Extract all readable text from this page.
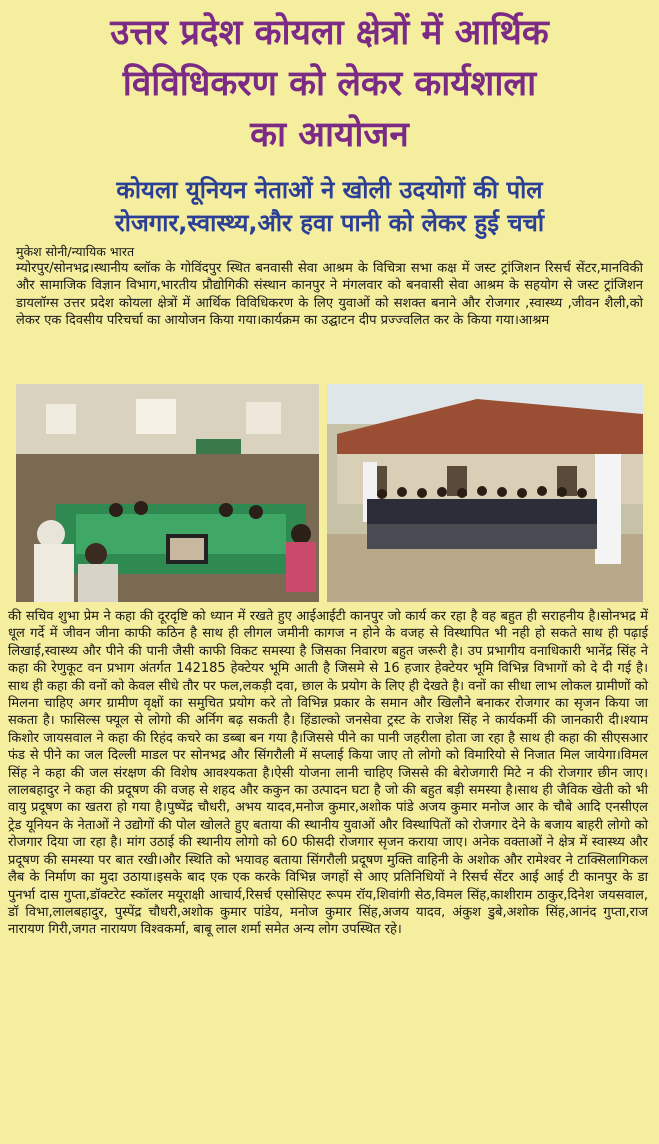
उत्तर प्रदेश कोयला क्षेत्रों में आर्थिक
विविधिकरण को लेकर कार्यशाला
का आयोजन
कोयला यूनियन नेताओं ने खोली उदयोगों की पोल
रोजगार,स्वास्थ्य,और हवा पानी को लेकर हुई चर्चा
मुकेश सोनी/न्यायिक भारत

म्योरपुर/सोनभद्र।स्थानीय ब्लॉक के गोविंदपुर स्थित बनवासी सेवा आश्रम के विचित्रा सभा कक्ष में जस्ट ट्रांजिशन रिसर्च सेंटर,मानविकी और सामाजिक विज्ञान विभाग,भारतीय प्रौद्योगिकी संस्थान कानपुर ने मंगलवार को बनवासी सेवा आश्रम के सहयोग से जस्ट ट्रांजिशन डायलॉग्स उत्तर प्रदेश कोयला क्षेत्रों में आर्थिक विविधिकरण के लिए युवाओं को सशक्त बनाने और रोजगार ,स्वास्थ्य ,जीवन शैली,को लेकर एक दिवसीय परिचर्चा का आयोजन किया गया।कार्यक्रम का उद्घाटन दीप प्रज्ज्वलित कर के किया गया।आश्रम

की सचिव शुभा प्रेम ने कहा की दूरदृष्टि को ध्यान में रखते हुए आईआईटी कानपुर जो कार्य कर रहा है वह बहुत ही सराहनीय है।सोनभद्र में धूल गर्दे में जीवन जीना काफी कठिन है साथ ही लीगल जमीनी कागज न होने के वजह से विस्थापित भी नही हो सकते साथ ही पढ़ाई लिखाई,स्वास्थ्य और पीने की पानी जैसी काफी विकट समस्या है जिसका निवारण बहुत जरूरी है। उप प्रभागीय वनाधिकारी भानेंद्र सिंह ने कहा की रेणुकूट वन प्रभाग अंतर्गत 142185 हेक्टेयर भूमि आती है जिसमे से 16 हजार हेक्टेयर भूमि विभिन्न विभागों को दे दी गई है।साथ ही कहा की वनों को केवल सीधे तौर पर फल,लकड़ी दवा, छाल के प्रयोग के लिए ही देखते है। वनों का सीधा लाभ लोकल ग्रामीणों को मिलना चाहिए अगर ग्रामीण वृक्षों का समुचित प्रयोग करे तो विभिन्न प्रकार के समान और खिलौने बनाकर रोजगार का सृजन किया जा सकता है। फासिल्स फ्यूल से लोगो की अर्निग बढ़ सकती है। हिंडाल्को जनसेवा ट्रस्ट के राजेश सिंह ने कार्यकर्मी की जानकारी दी।श्याम किशोर जायसवाल ने कहा की रिहंद कचरे का डब्बा बन गया है।जिससे पीने का पानी जहरीला होता जा रहा है साथ ही कहा की सीएसआर फंड से पीने का जल दिल्ली माडल पर सोनभद्र और सिंगरौली में सप्लाई किया जाए तो लोगो को विमारियो से निजात मिल जायेगा।विमल सिंह ने कहा की जल संरक्षण की विशेष आवश्यकता है।ऐसी योजना लानी चाहिए जिससे की बेरोजगारी मिटे न की रोजगार छीन जाए।लालबहादुर ने कहा की प्रदूषण की वजह से शहद और ककुन का उत्पादन घटा है जो की बहुत बड़ी समस्या है।साथ ही जैविक खेती को भी वायु प्रदूषण का खतरा हो गया है।पुष्पेंद्र चौधरी, अभय यादव,मनोज कुमार,अशोक पांडे अजय कुमार मनोज आर के चौबे आदि एनसीएल ट्रेड यूनियन के नेताओं ने उद्योगों की पोल खोलते हुए बताया की स्थानीय युवाओं और विस्थापितों को रोजगार देने के बजाय बाहरी लोगो को रोजगार दिया जा रहा है। मांग उठाई की स्थानीय लोगो को 60 फीसदी रोजगार सृजन कराया जाए। अनेक वक्ताओं ने क्षेत्र में स्वास्थ्य और प्रदूषण की समस्या पर बात रखी।और स्थिति को भयावह बताया सिंगरौली प्रदूषण मुक्ति वाहिनी के अशोक और रामेश्वर ने टाक्सिलागिकल लैब के निर्माण का मुदा उठाया।इसके बाद एक एक करके विभिन्न जगहों से आए प्रतिनिधियों ने रिसर्च सेंटर आई आई टी कानपुर के डा पुनर्भा दास गुप्ता,डॉक्टरेट स्कॉलर मयूराक्षी आचार्य,रिसर्च एसोसिएट रूपम रॉय,शिवांगी सेठ,विमल सिंह,काशीराम ठाकुर,दिनेश जयसवाल, डॉ विभा,लालबहादुर, पुस्पेंद्र चौधरी,अशोक कुमार पांडेय, मनोज कुमार सिंह,अजय यादव, अंकुश डुबे,अशोक सिंह,आनंद गुप्ता,राज नारायण गिरी,जगत नारायण विश्वकर्मा, बाबू लाल शर्मा समेत अन्य लोग उपस्थित रहे।
